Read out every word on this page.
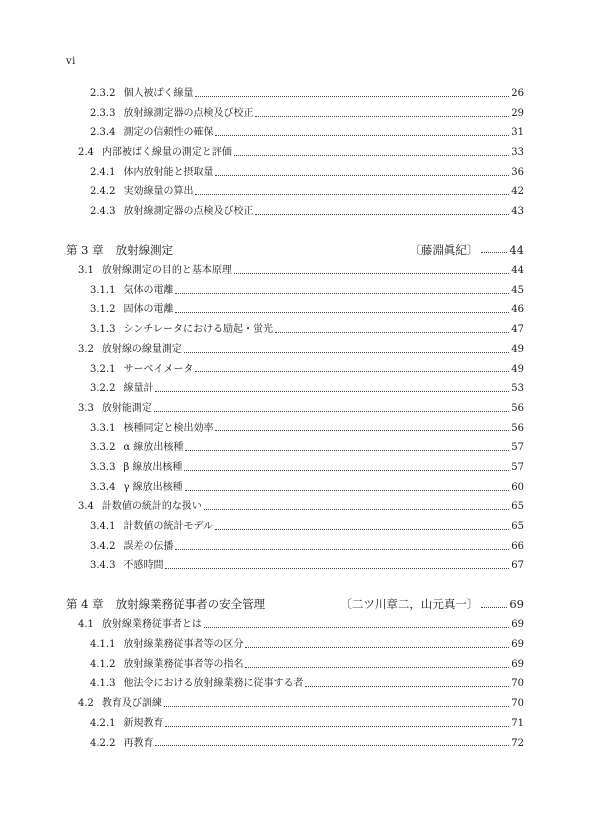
vi
2.3.2 個人被ばく線量	26
2.3.3 放射線測定器の点検及び校正	29
2.3.4 測定の信頼性の確保	31
2.4 内部被ばく線量の測定と評価	33
2.4.1 体内放射能と摂取量	36
2.4.2 実効線量の算出	42
2.4.3 放射線測定器の点検及び校正	43
第 3 章 放射線測定	〔藤淵眞紀〕	44
3.1 放射線測定の目的と基本原理	44
3.1.1 気体の電離	45
3.1.2 固体の電離	46
3.1.3 シンチレータにおける励起・蛍光	47
3.2 放射線の線量測定	49
3.2.1 サーベイメータ	49
3.2.2 線量計	53
3.3 放射能測定	56
3.3.1 核種同定と検出効率	56
3.3.2 α 線放出核種	57
3.3.3 β 線放出核種	57
3.3.4 γ 線放出核種	60
3.4 計数値の統計的な扱い	65
3.4.1 計数値の統計モデル	65
3.4.2 誤差の伝播	66
3.4.3 不感時間	67
第 4 章 放射線業務従事者の安全管理	〔二ツ川章二，山元真一〕	69
4.1 放射線業務従事者とは	69
4.1.1 放射線業務従事者等の区分	69
4.1.2 放射線業務従事者等の指名	69
4.1.3 他法令における放射線業務に従事する者	70
4.2 教育及び訓練	70
4.2.1 新規教育	71
4.2.2 再教育	72
